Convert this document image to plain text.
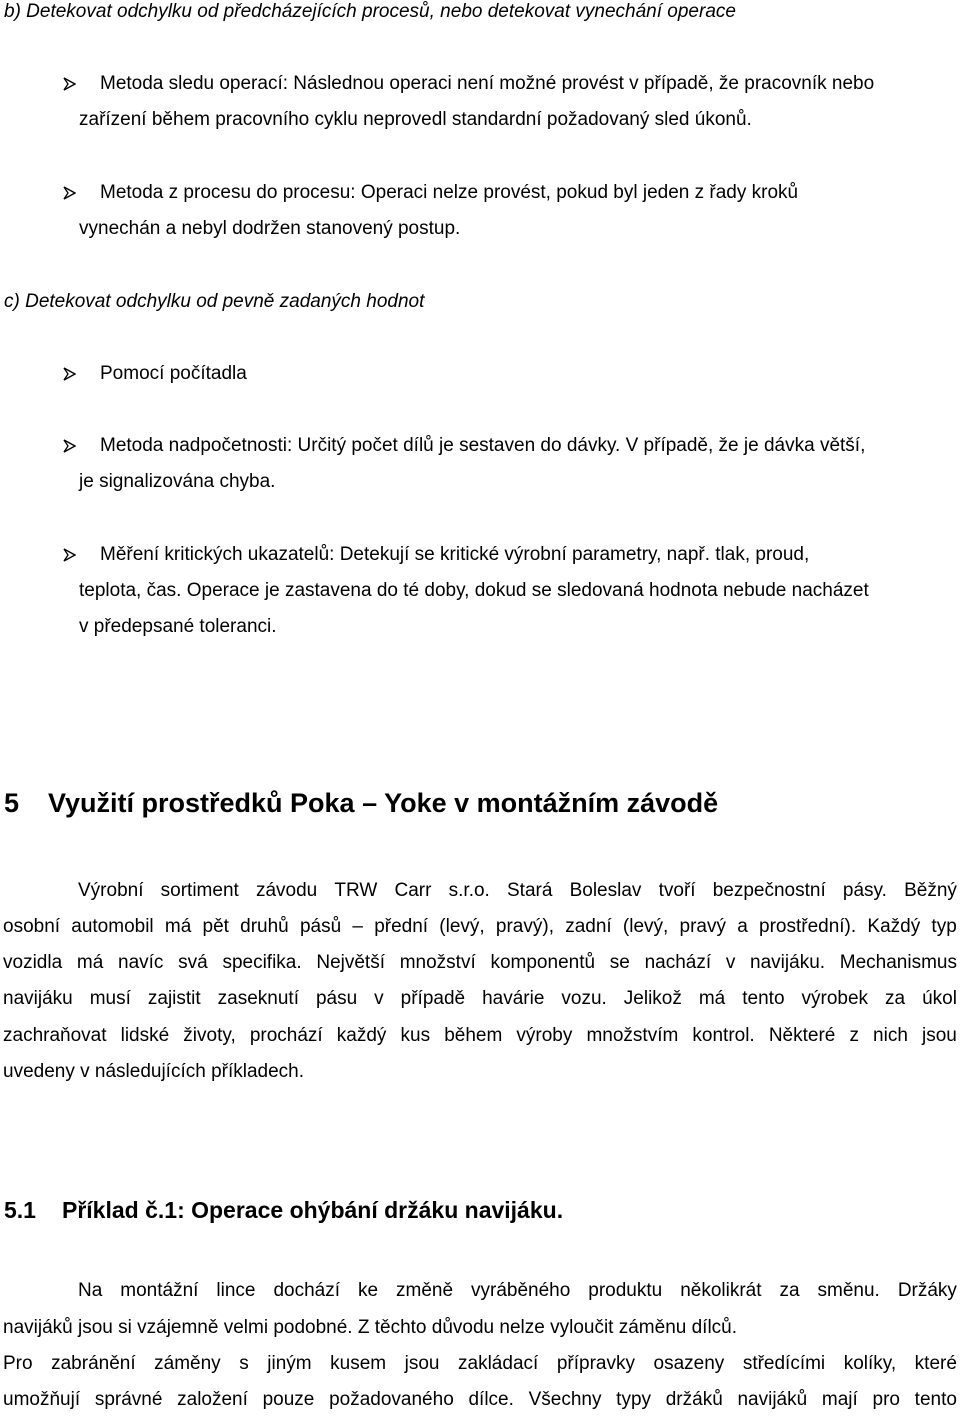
b) Detekovat odchylku od předcházejících procesů, nebo detekovat vynechání operace
Metoda sledu operací: Následnou operaci není možné provést v případě, že pracovník nebo
zařízení během pracovního cyklu neprovedl standardní požadovaný sled úkonů.
Metoda z procesu do procesu: Operaci nelze provést, pokud byl jeden z řady kroků
vynechán a nebyl dodržen stanovený postup.
c) Detekovat odchylku od pevně zadaných hodnot
Pomocí počítadla
Metoda nadpočetnosti: Určitý počet dílů je sestaven do dávky. V případě, že je dávka větší,
je signalizována chyba.
Měření kritických ukazatelů: Detekují se kritické výrobní parametry, např. tlak, proud,
teplota, čas. Operace je zastavena do té doby, dokud se sledovaná hodnota nebude nacházet
v předepsané toleranci.
5 Využití prostředků Poka – Yoke v montážním závodě
Výrobní sortiment závodu TRW Carr s.r.o. Stará Boleslav tvoří bezpečnostní pásy. Běžný
osobní automobil má pět druhů pásů – přední (levý, pravý), zadní (levý, pravý a prostřední). Každý typ
vozidla má navíc svá specifika. Největší množství komponentů se nachází v navijáku. Mechanismus
navijáku musí zajistit zaseknutí pásu v případě havárie vozu. Jelikož má tento výrobek za úkol
zachraňovat lidské životy, prochází každý kus během výroby množstvím kontrol. Některé z nich jsou
uvedeny v následujících příkladech.
5.1 Příklad č.1: Operace ohýbání držáku navijáku.
Na montážní lince dochází ke změně vyráběného produktu několikrát za směnu. Držáky
navijáků jsou si vzájemně velmi podobné. Z těchto důvodu nelze vyloučit záměnu dílců.
Pro zabránění záměny s jiným kusem jsou zakládací přípravky osazeny středícími kolíky, které
umožňují správné založení pouze požadovaného dílce. Všechny typy držáků navijáků mají pro tento
